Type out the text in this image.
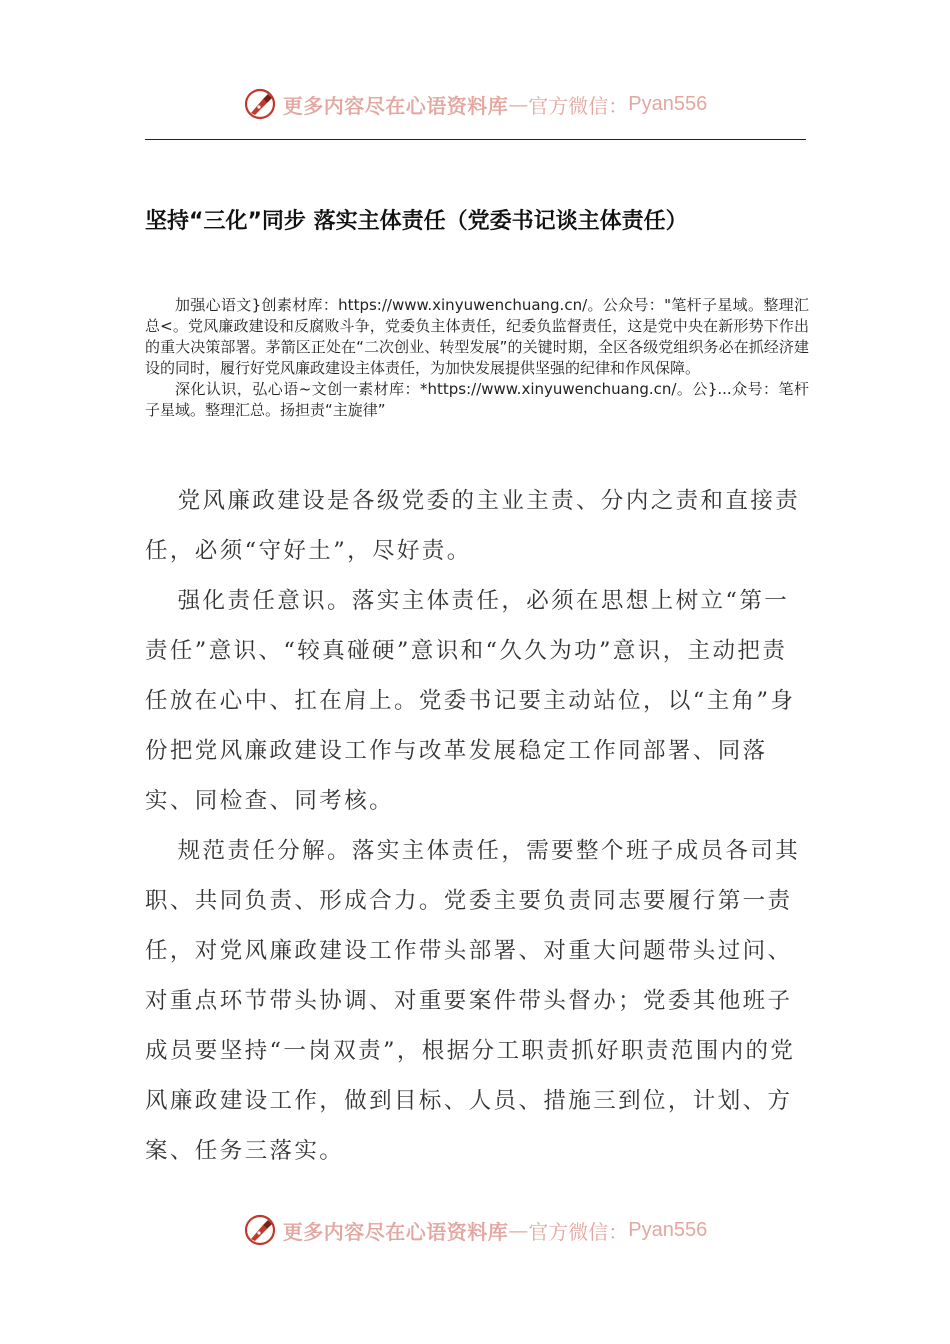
更多内容尽在心语资料库 — 官方微信： Pyan556
坚持“三化”同步 落实主体责任（党委书记谈主体责任）

加强心语文}创素材库：https://www.xinyuwenchuang.cn/。公众号："笔杆子星域。整理汇总<。党风廉政建设和反腐败斗争，党委负主体责任，纪委负监督责任，这是党中央在新形势下作出的重大决策部署。茅箭区正处在“二次创业、转型发展”的关键时期，全区各级党组织务必在抓经济建设的同时，履行好党风廉政建设主体责任，为加快发展提供坚强的纪律和作风保障。

深化认识，弘心语~文创一素材库：*https://www.xinyuwenchuang.cn/。公}...众号：笔杆子星域。整理汇总。扬担责“主旋律”

党风廉政建设是各级党委的主业主责、分内之责和直接责任，必须“守好土”，尽好责。

强化责任意识。落实主体责任，必须在思想上树立“第一责任”意识、“较真碰硬”意识和“久久为功”意识，主动把责任放在心中、扛在肩上。党委书记要主动站位，以“主角”身份把党风廉政建设工作与改革发展稳定工作同部署、同落实、同检查、同考核。

规范责任分解。落实主体责任，需要整个班子成员各司其职、共同负责、形成合力。党委主要负责同志要履行第一责任，对党风廉政建设工作带头部署、对重大问题带头过问、对重点环节带头协调、对重要案件带头督办；党委其他班子成员要坚持“一岗双责”，根据分工职责抓好职责范围内的党风廉政建设工作，做到目标、人员、措施三到位，计划、方案、任务三落实。

更多内容尽在心语资料库 — 官方微信： Pyan556
